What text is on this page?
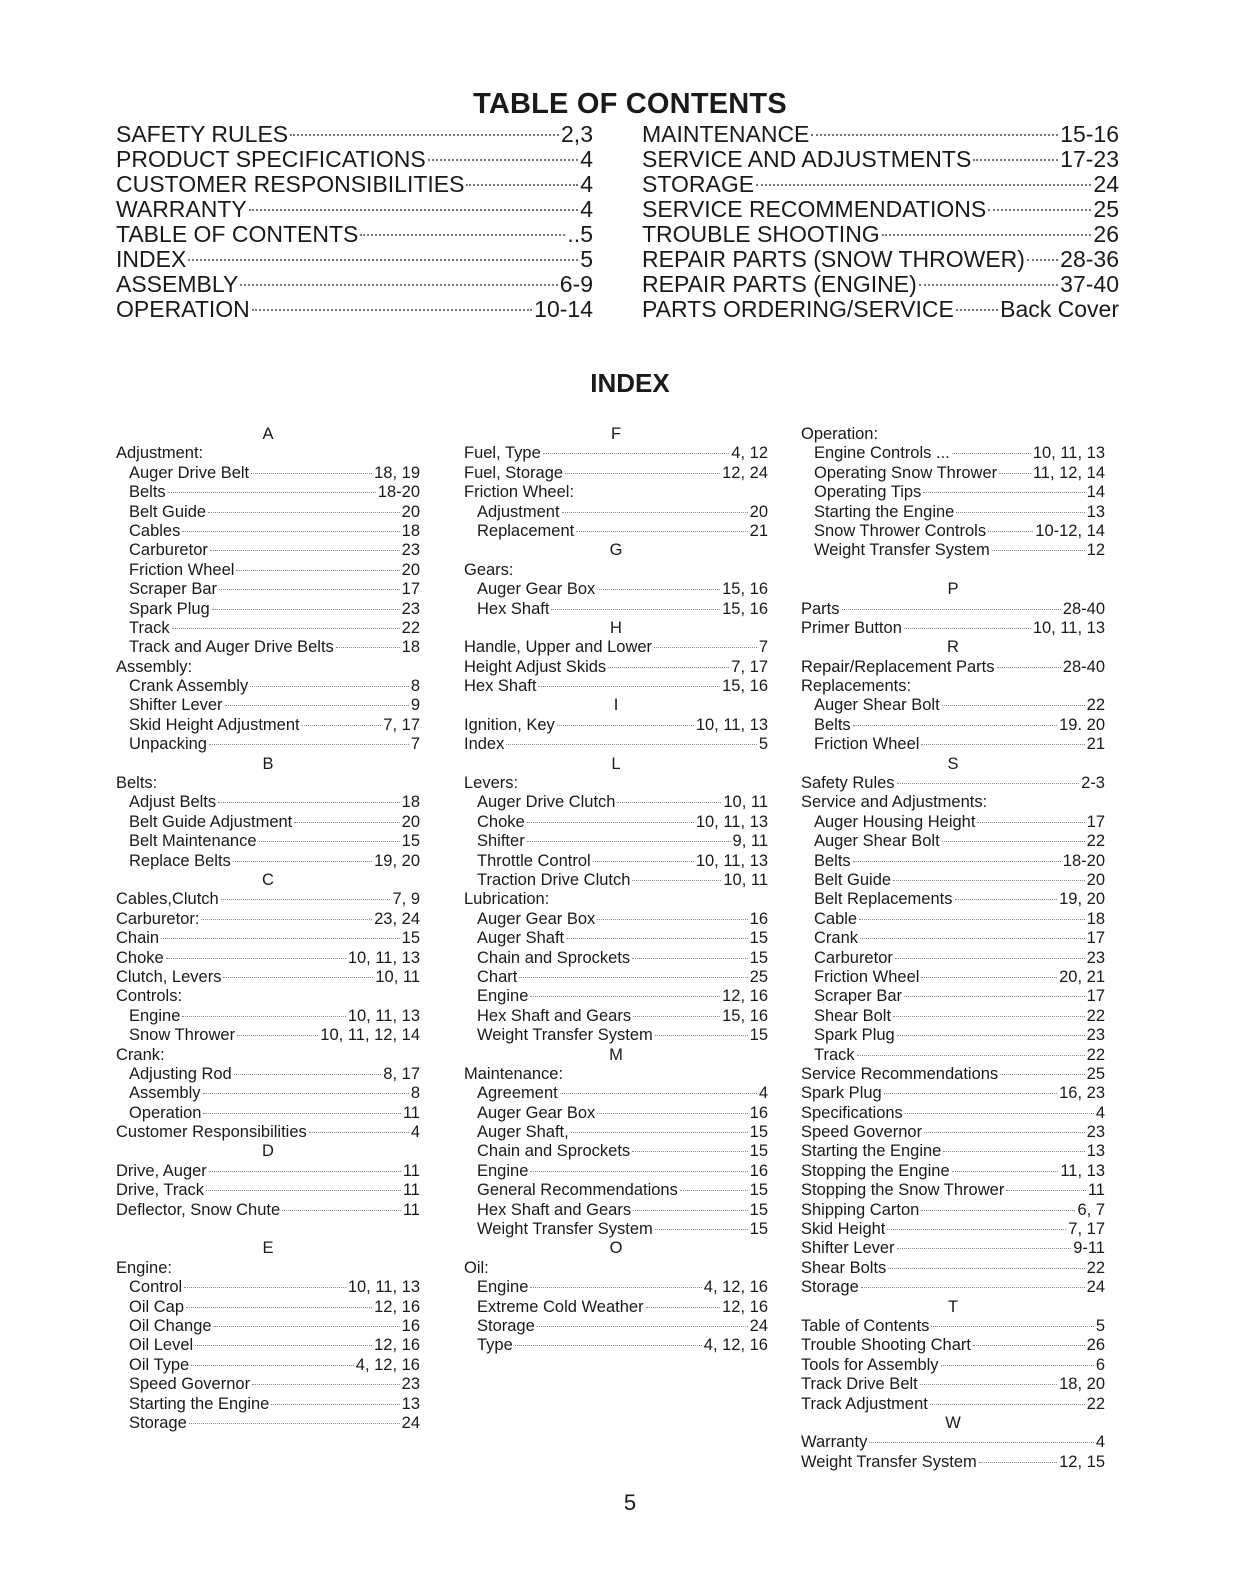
TABLE OF CONTENTS
SAFETY RULES	2,3
PRODUCT SPECIFICATIONS	4
CUSTOMER RESPONSIBILITIES	4
WARRANTY	4
TABLE OF CONTENTS	..5
INDEX	5
ASSEMBLY	6-9
OPERATION	10-14
MAINTENANCE	15-16
SERVICE AND ADJUSTMENTS	17-23
STORAGE	24
SERVICE RECOMMENDATIONS	25
TROUBLE SHOOTING	26
REPAIR PARTS (SNOW THROWER) 28-36
REPAIR PARTS (ENGINE)	37-40
PARTS ORDERING/SERVICE Back Cover
INDEX
A
Adjustment:
Auger Drive Belt	18, 19
Belts	18-20
Belt Guide	20
Cables	18
Carburetor	23
Friction Wheel	20
Scraper Bar	17
Spark Plug	23
Track	22
Track and Auger Drive Belts	18
Assembly:
Crank Assembly	8
Shifter Lever	9
Skid Height Adjustment	7, 17
Unpacking	7
B
Belts:
Adjust Belts	18
Belt Guide Adjustment	20
Belt Maintenance	15
Replace Belts	19, 20
C
Cables,Clutch	7, 9
Carburetor:	23, 24
Chain	15
Choke	10, 11, 13
Clutch, Levers	10, 11
Controls:
Engine	10, 11, 13
Snow Thrower	10, 11, 12, 14
Crank:
Adjusting Rod	8, 17
Assembly	8
Operation	11
Customer Responsibilities	4
D
Drive, Auger	11
Drive, Track	11
Deflector, Snow Chute	11
E
Engine:
Control	10, 11, 13
Oil Cap	12, 16
Oil Change	16
Oil Level	12, 16
Oil Type	4, 12, 16
Speed Governor	23
Starting the Engine	13
Storage	24
F
Fuel, Type	4, 12
Fuel, Storage	12, 24
Friction Wheel:
Adjustment	20
Replacement	21
G
Gears:
Auger Gear Box	15, 16
Hex Shaft	15, 16
H
Handle, Upper and Lower	7
Height Adjust Skids	7, 17
Hex Shaft	15, 16
I
Ignition, Key	10, 11, 13
Index	5
L
Levers:
Auger Drive Clutch	10, 11
Choke	10, 11, 13
Shifter	9, 11
Throttle Control	10, 11, 13
Traction Drive Clutch	10, 11
Lubrication:
Auger Gear Box	16
Auger Shaft	15
Chain and Sprockets	15
Chart	25
Engine	12, 16
Hex Shaft and Gears	15, 16
Weight Transfer System	15
M
Maintenance:
Agreement	4
Auger Gear Box	16
Auger Shaft,	15
Chain and Sprockets	15
Engine	16
General Recommendations	15
Hex Shaft and Gears	15
Weight Transfer System	15
O
Oil:
Engine	4, 12, 16
Extreme Cold Weather	12, 16
Storage	24
Type	4, 12, 16
Operation:
Engine Controls ...	10, 11, 13
Operating Snow Thrower 11, 12, 14
Operating Tips	14
Starting the Engine	13
Snow Thrower Controls	10-12, 14
Weight Transfer System	12
P
Parts	28-40
Primer Button	10, 11, 13
R
Repair/Replacement Parts	28-40
Replacements:
Auger Shear Bolt	22
Belts	19. 20
Friction Wheel	21
S
Safety Rules	2-3
Service and Adjustments:
Auger Housing Height	17
Auger Shear Bolt	22
Belts	18-20
Belt Guide	20
Belt Replacements	19, 20
Cable	18
Crank	17
Carburetor	23
Friction Wheel	20, 21
Scraper Bar	17
Shear Bolt	22
Spark Plug	23
Track	22
Service Recommendations	25
Spark Plug	16, 23
Specifications	4
Speed Governor	23
Starting the Engine	13
Stopping the Engine	11, 13
Stopping the Snow Thrower	11
Shipping Carton	6, 7
Skid Height	7, 17
Shifter Lever	9-11
Shear Bolts	22
Storage	24
T
Table of Contents	5
Trouble Shooting Chart	26
Tools for Assembly	6
Track Drive Belt	18, 20
Track Adjustment	22
W
Warranty	4
Weight Transfer System	12, 15
5
